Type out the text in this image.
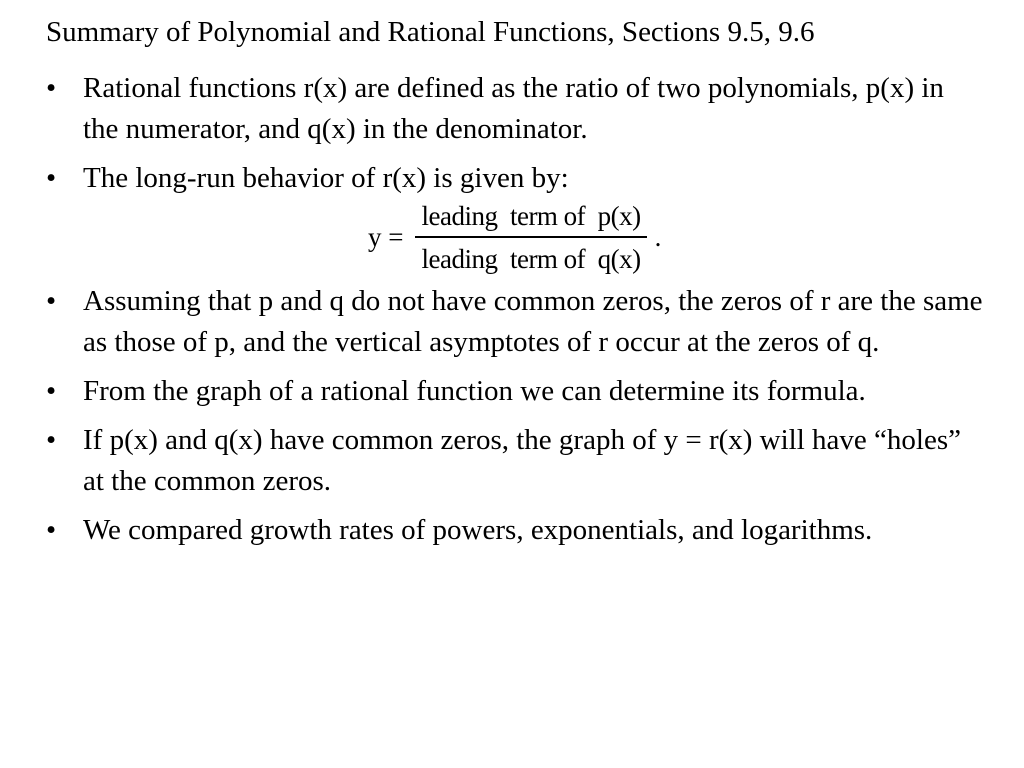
Summary of Polynomial and Rational Functions, Sections 9.5, 9.6
• Rational functions r(x) are defined as the ratio of two polynomials, p(x) in the numerator, and q(x) in the denominator.
• The long-run behavior of r(x) is given by:
$y = \frac{\text{leading  term of  p(x)}}{\text{leading  term of  q(x)}}$ .
• Assuming that p and q do not have common zeros, the zeros of r are the same as those of p, and the vertical asymptotes of r occur at the zeros of q.
• From the graph of a rational function we can determine its formula.
• If p(x) and q(x) have common zeros, the graph of y = r(x) will have “holes” at the common zeros.
• We compared growth rates of powers, exponentials, and logarithms.
